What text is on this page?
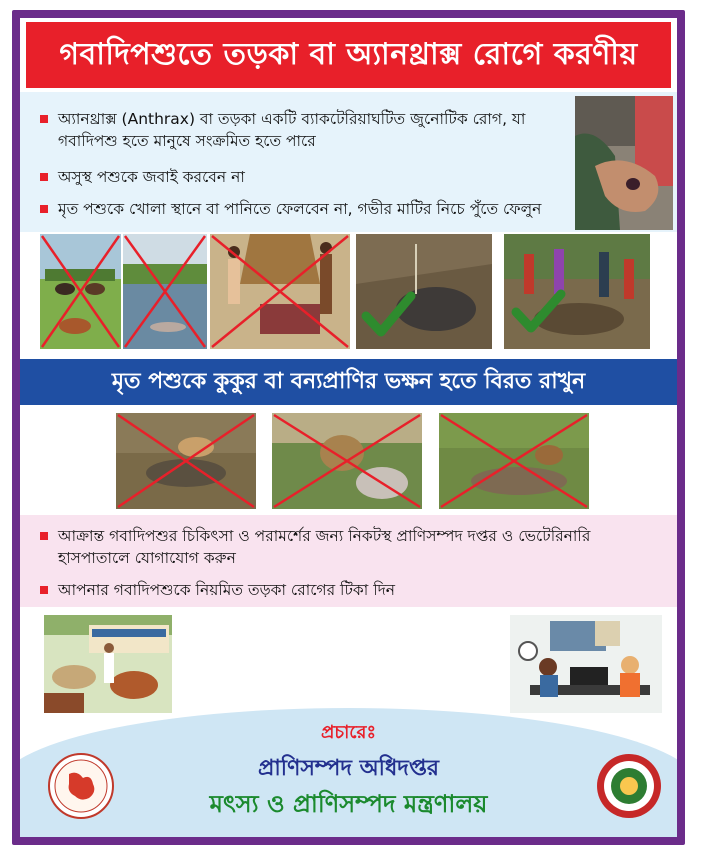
গবাদিপশুতে তড়কা বা অ্যানথ্রাক্স রোগে করণীয়
অ্যানথ্রাক্স (Anthrax) বা তড়কা একটি ব্যাকটেরিয়াঘটিত জুনোটিক রোগ, যা গবাদিপশু হতে মানুষে সংক্রমিত হতে পারে
অসুস্থ পশুকে জবাই করবেন না
মৃত পশুকে খোলা স্থানে বা পানিতে ফেলবেন না, গভীর মাটির নিচে পুঁতে ফেলুন
মৃত পশুকে কুকুর বা বন্যপ্রাণির ভক্ষন হতে বিরত রাখুন
আক্রান্ত গবাদিপশুর চিকিৎসা ও পরামর্শের জন্য নিকটস্থ প্রাণিসম্পদ দপ্তর ও ভেটেরিনারি হাসপাতালে যোগাযোগ করুন
আপনার গবাদিপশুকে নিয়মিত তড়কা রোগের টিকা দিন
প্রচারেঃ
প্রাণিসম্পদ অধিদপ্তর
মৎস্য ও প্রাণিসম্পদ মন্ত্রণালয়
